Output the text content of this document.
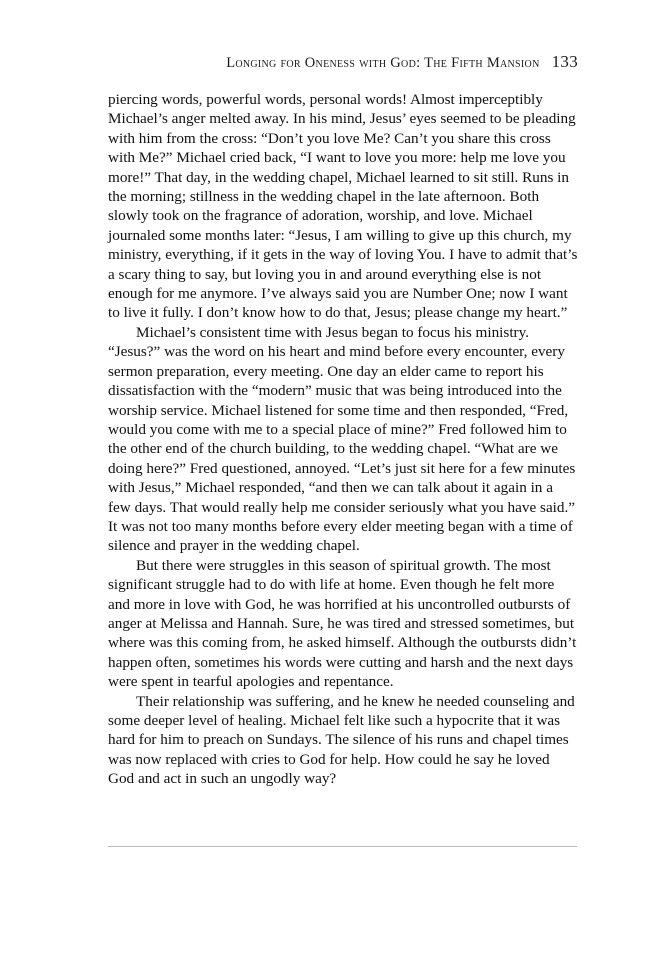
Longing for Oneness with God: The Fifth Mansion 133

piercing words, powerful words, personal words! Almost imperceptibly Michael’s anger melted away. In his mind, Jesus’ eyes seemed to be pleading with him from the cross: “Don’t you love Me? Can’t you share this cross with Me?” Michael cried back, “I want to love you more: help me love you more!” That day, in the wedding chapel, Michael learned to sit still. Runs in the morning; stillness in the wedding chapel in the late afternoon. Both slowly took on the fragrance of adoration, worship, and love. Michael journaled some months later: “Jesus, I am willing to give up this church, my ministry, everything, if it gets in the way of loving You. I have to admit that’s a scary thing to say, but loving you in and around everything else is not enough for me anymore. I’ve always said you are Number One; now I want to live it fully. I don’t know how to do that, Jesus; please change my heart.”

Michael’s consistent time with Jesus began to focus his ministry. “Jesus?” was the word on his heart and mind before every encounter, every sermon preparation, every meeting. One day an elder came to report his dissatisfaction with the “modern” music that was being introduced into the worship service. Michael listened for some time and then responded, “Fred, would you come with me to a special place of mine?” Fred followed him to the other end of the church building, to the wedding chapel. “What are we doing here?” Fred questioned, annoyed. “Let’s just sit here for a few minutes with Jesus,” Michael responded, “and then we can talk about it again in a few days. That would really help me consider seriously what you have said.” It was not too many months before every elder meeting began with a time of silence and prayer in the wedding chapel.

But there were struggles in this season of spiritual growth. The most significant struggle had to do with life at home. Even though he felt more and more in love with God, he was horrified at his uncontrolled outbursts of anger at Melissa and Hannah. Sure, he was tired and stressed sometimes, but where was this coming from, he asked himself. Although the outbursts didn’t happen often, sometimes his words were cutting and harsh and the next days were spent in tearful apologies and repentance.

Their relationship was suffering, and he knew he needed counseling and some deeper level of healing. Michael felt like such a hypocrite that it was hard for him to preach on Sundays. The silence of his runs and chapel times was now replaced with cries to God for help. How could he say he loved God and act in such an ungodly way?
